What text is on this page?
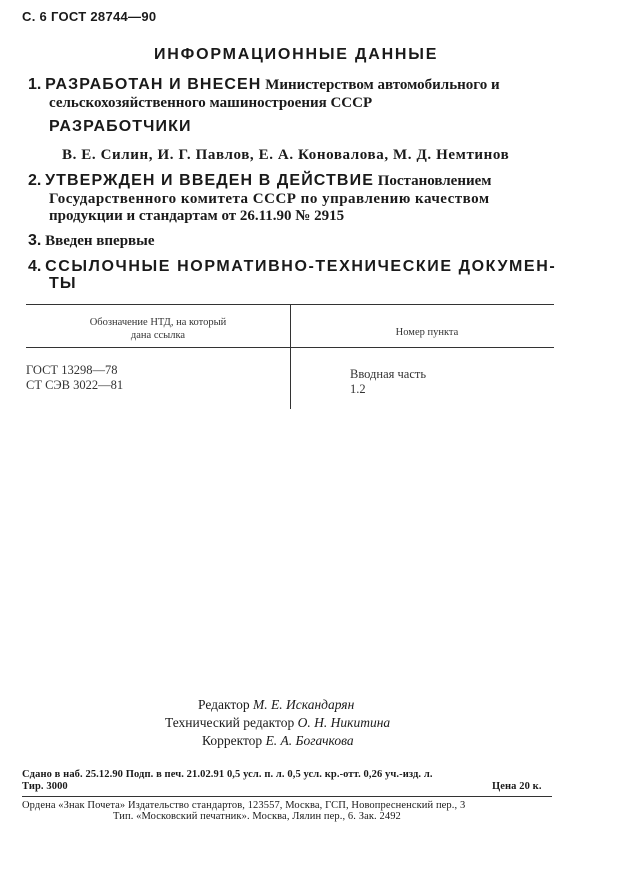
С. 6 ГОСТ 28744—90
ИНФОРМАЦИОННЫЕ ДАННЫЕ
1. РАЗРАБОТАН И ВНЕСЕН Министерством автомобильного и
сельскохозяйственного машиностроения СССР
РАЗРАБОТЧИКИ
В. Е. Силин, И. Г. Павлов, Е. А. Коновалова, М. Д. Немтинов
2. УТВЕРЖДЕН И ВВЕДЕН В ДЕЙСТВИЕ Постановлением
Государственного комитета СССР по управлению качеством
продукции и стандартам от 26.11.90 № 2915
3. Введен впервые
4. ССЫЛОЧНЫЕ НОРМАТИВНО-ТЕХНИЧЕСКИЕ ДОКУМЕН-
ТЫ
Обозначение НТД, на который
дана ссылка	Номер пункта
ГОСТ 13298—78	Вводная часть
СТ СЭВ 3022—81	1.2
Редактор М. Е. Искандарян
Технический редактор О. Н. Никитина
Корректор Е. А. Богачкова
Сдано в наб. 25.12.90 Подп. в печ. 21.02.91 0,5 усл. п. л. 0,5 усл. кр.-отт. 0,26 уч.-изд. л.
Тир. 3000	Цена 20 к.
Ордена «Знак Почета» Издательство стандартов, 123557, Москва, ГСП, Новопресненский пер., 3
Тип. «Московский печатник». Москва, Лялин пер., 6. Зак. 2492
